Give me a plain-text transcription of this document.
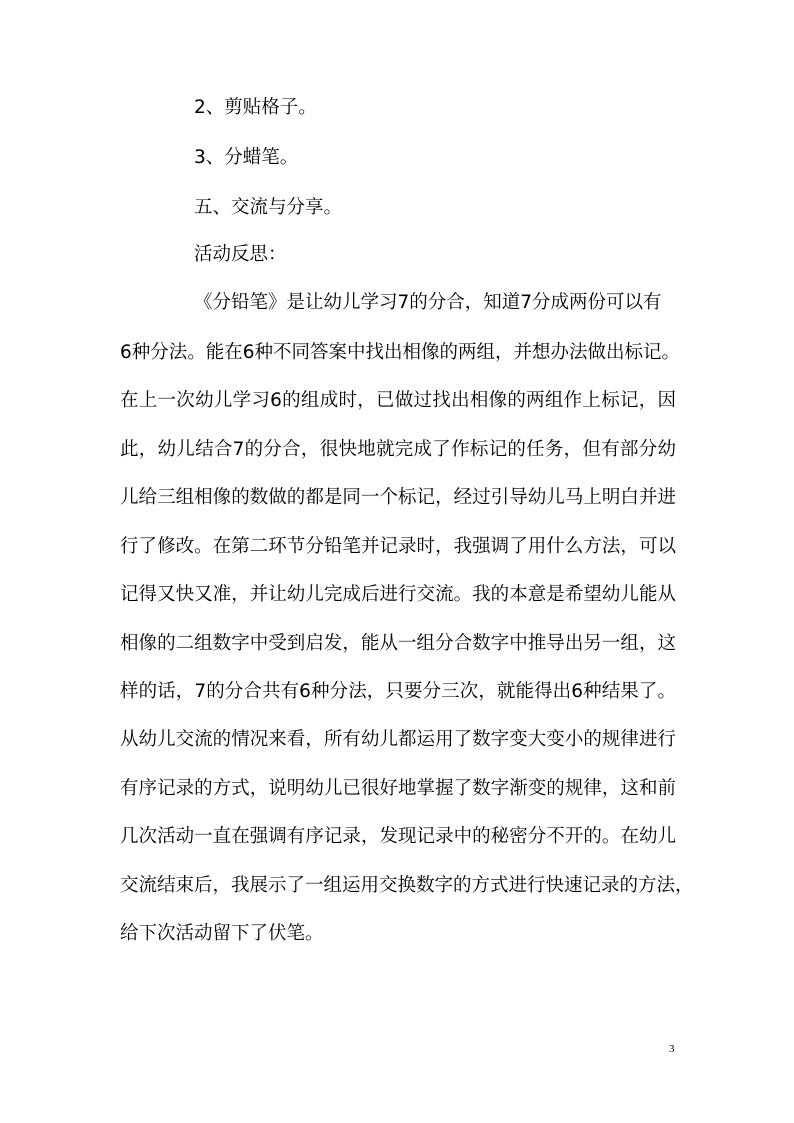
2、剪贴格子。
3、分蜡笔。
五、交流与分享。
活动反思：
《分铅笔》是让幼儿学习7的分合，知道7分成两份可以有
6种分法。能在6种不同答案中找出相像的两组，并想办法做出标记。
在上一次幼儿学习6的组成时，已做过找出相像的两组作上标记，因
此，幼儿结合7的分合，很快地就完成了作标记的任务，但有部分幼
儿给三组相像的数做的都是同一个标记，经过引导幼儿马上明白并进
行了修改。在第二环节分铅笔并记录时，我强调了用什么方法，可以
记得又快又准，并让幼儿完成后进行交流。我的本意是希望幼儿能从
相像的二组数字中受到启发，能从一组分合数字中推导出另一组，这
样的话，7的分合共有6种分法，只要分三次，就能得出6种结果了。
从幼儿交流的情况来看，所有幼儿都运用了数字变大变小的规律进行
有序记录的方式，说明幼儿已很好地掌握了数字渐变的规律，这和前
几次活动一直在强调有序记录，发现记录中的秘密分不开的。在幼儿
交流结束后，我展示了一组运用交换数字的方式进行快速记录的方法，
给下次活动留下了伏笔。
3
